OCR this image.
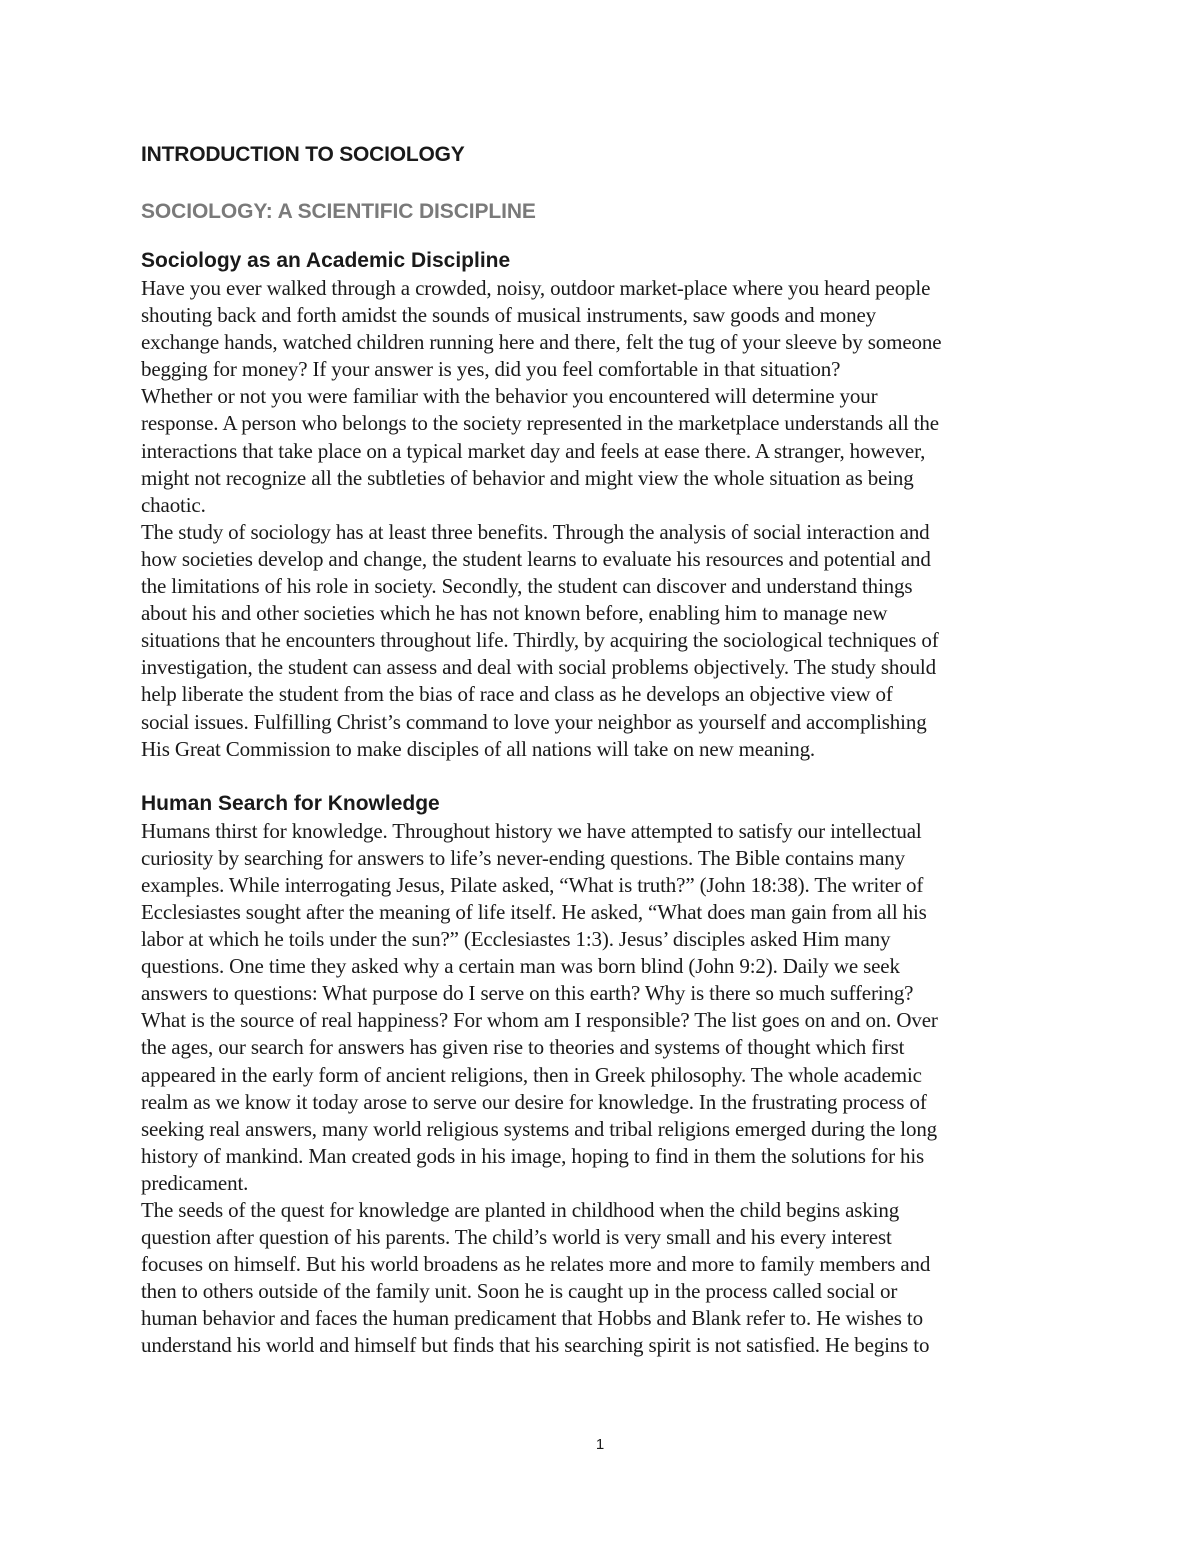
INTRODUCTION TO SOCIOLOGY
SOCIOLOGY: A SCIENTIFIC DISCIPLINE
Sociology as an Academic Discipline

Have you ever walked through a crowded, noisy, outdoor market-place where you heard people
shouting back and forth amidst the sounds of musical instruments, saw goods and money
exchange hands, watched children running here and there, felt the tug of your sleeve by someone
begging for money? If your answer is yes, did you feel comfortable in that situation?

Whether or not you were familiar with the behavior you encountered will determine your
response. A person who belongs to the society represented in the marketplace understands all the
interactions that take place on a typical market day and feels at ease there. A stranger, however,
might not recognize all the subtleties of behavior and might view the whole situation as being
chaotic.

The study of sociology has at least three benefits. Through the analysis of social interaction and
how societies develop and change, the student learns to evaluate his resources and potential and
the limitations of his role in society. Secondly, the student can discover and understand things
about his and other societies which he has not known before, enabling him to manage new
situations that he encounters throughout life. Thirdly, by acquiring the sociological techniques of
investigation, the student can assess and deal with social problems objectively. The study should
help liberate the student from the bias of race and class as he develops an objective view of
social issues. Fulfilling Christ’s command to love your neighbor as yourself and accomplishing
His Great Commission to make disciples of all nations will take on new meaning.

Human Search for Knowledge

Humans thirst for knowledge. Throughout history we have attempted to satisfy our intellectual
curiosity by searching for answers to life’s never-ending questions. The Bible contains many
examples. While interrogating Jesus, Pilate asked, “What is truth?” (John 18:38). The writer of
Ecclesiastes sought after the meaning of life itself. He asked, “What does man gain from all his
labor at which he toils under the sun?” (Ecclesiastes 1:3). Jesus’ disciples asked Him many
questions. One time they asked why a certain man was born blind (John 9:2). Daily we seek
answers to questions: What purpose do I serve on this earth? Why is there so much suffering?
What is the source of real happiness? For whom am I responsible? The list goes on and on. Over
the ages, our search for answers has given rise to theories and systems of thought which first
appeared in the early form of ancient religions, then in Greek philosophy. The whole academic
realm as we know it today arose to serve our desire for knowledge. In the frustrating process of
seeking real answers, many world religious systems and tribal religions emerged during the long
history of mankind. Man created gods in his image, hoping to find in them the solutions for his
predicament.

The seeds of the quest for knowledge are planted in childhood when the child begins asking
question after question of his parents. The child’s world is very small and his every interest
focuses on himself. But his world broadens as he relates more and more to family members and
then to others outside of the family unit. Soon he is caught up in the process called social or
human behavior and faces the human predicament that Hobbs and Blank refer to. He wishes to
understand his world and himself but finds that his searching spirit is not satisfied. He begins to

1
